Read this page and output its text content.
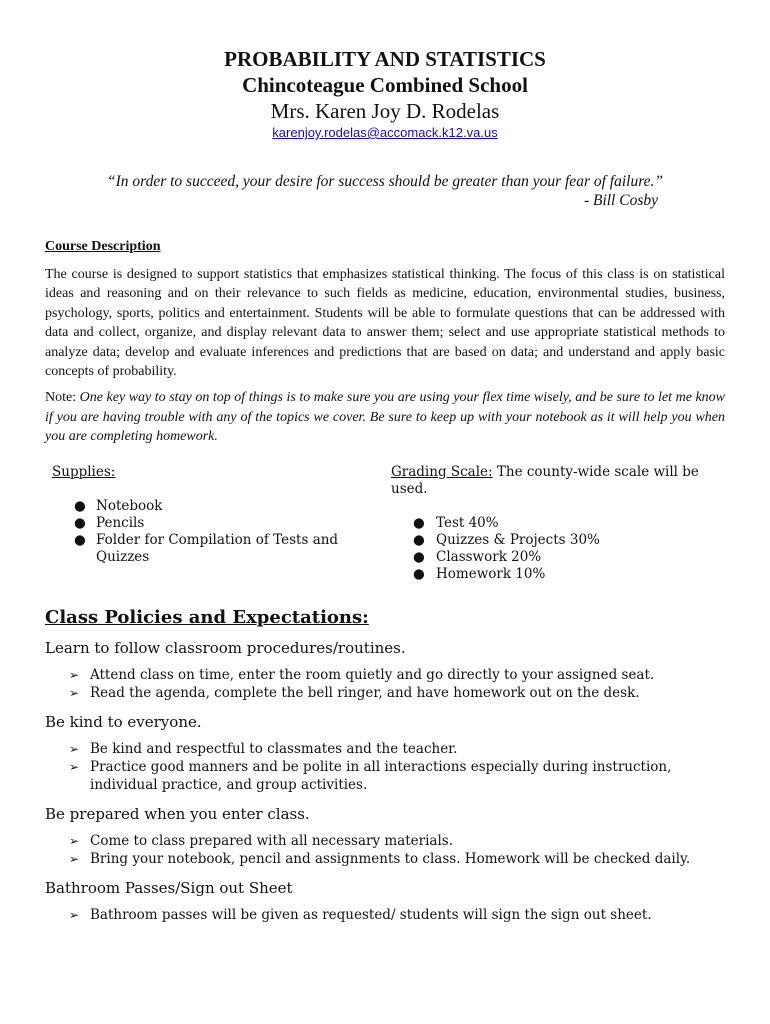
PROBABILITY AND STATISTICS
Chincoteague Combined School
Mrs. Karen Joy D. Rodelas
karenjoy.rodelas@accomack.k12.va.us
“In order to succeed, your desire for success should be greater than your fear of failure.”
- Bill Cosby
Course Description
The course is designed to support statistics that emphasizes statistical thinking. The focus of this class is on statistical ideas and reasoning and on their relevance to such fields as medicine, education, environmental studies, business, psychology, sports, politics and entertainment. Students will be able to formulate questions that can be addressed with data and collect, organize, and display relevant data to answer them; select and use appropriate statistical methods to analyze data; develop and evaluate inferences and predictions that are based on data; and understand and apply basic concepts of probability.
Note: One key way to stay on top of things is to make sure you are using your flex time wisely, and be sure to let me know if you are having trouble with any of the topics we cover. Be sure to keep up with your notebook as it will help you when you are completing homework.
Supplies:
● Notebook
● Pencils
● Folder for Compilation of Tests and Quizzes
Grading Scale: The county-wide scale will be used.
● Test 40%
● Quizzes & Projects 30%
● Classwork 20%
● Homework 10%
Class Policies and Expectations:
Learn to follow classroom procedures/routines.
➢ Attend class on time, enter the room quietly and go directly to your assigned seat.
➢ Read the agenda, complete the bell ringer, and have homework out on the desk.
Be kind to everyone.
➢ Be kind and respectful to classmates and the teacher.
➢ Practice good manners and be polite in all interactions especially during instruction, individual practice, and group activities.
Be prepared when you enter class.
➢ Come to class prepared with all necessary materials.
➢ Bring your notebook, pencil and assignments to class. Homework will be checked daily.
Bathroom Passes/Sign out Sheet
➢ Bathroom passes will be given as requested/ students will sign the sign out sheet.
